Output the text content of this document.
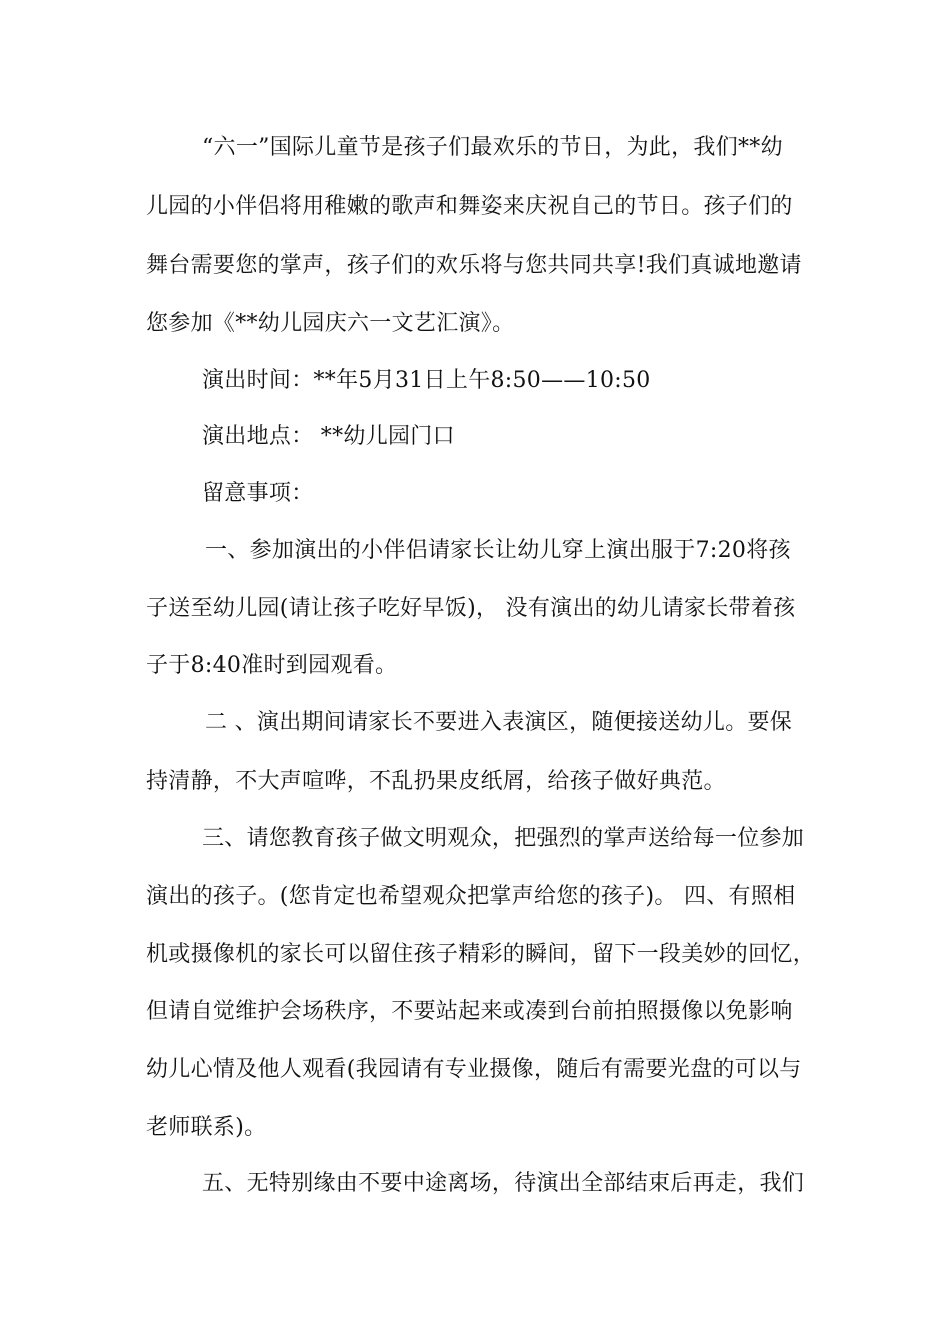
“六一”国际儿童节是孩子们最欢乐的节日，为此，我们**幼
儿园的小伴侣将用稚嫩的歌声和舞姿来庆祝自己的节日。孩子们的
舞台需要您的掌声，孩子们的欢乐将与您共同共享!我们真诚地邀请
您参加《**幼儿园庆六一文艺汇演》。
演出时间：**年5月31日上午8:50——10:50
演出地点： **幼儿园门口
留意事项：
一、参加演出的小伴侣请家长让幼儿穿上演出服于7:20将孩
子送至幼儿园(请让孩子吃好早饭)， 没有演出的幼儿请家长带着孩
子于8:40准时到园观看。
二 、演出期间请家长不要进入表演区，随便接送幼儿。要保
持清静，不大声喧哗，不乱扔果皮纸屑，给孩子做好典范。
三、请您教育孩子做文明观众，把强烈的掌声送给每一位参加
演出的孩子。(您肯定也希望观众把掌声给您的孩子)。 四、有照相
机或摄像机的家长可以留住孩子精彩的瞬间，留下一段美妙的回忆，
但请自觉维护会场秩序，不要站起来或凑到台前拍照摄像以免影响
幼儿心情及他人观看(我园请有专业摄像，随后有需要光盘的可以与
老师联系)。
五、无特别缘由不要中途离场，待演出全部结束后再走，我们
